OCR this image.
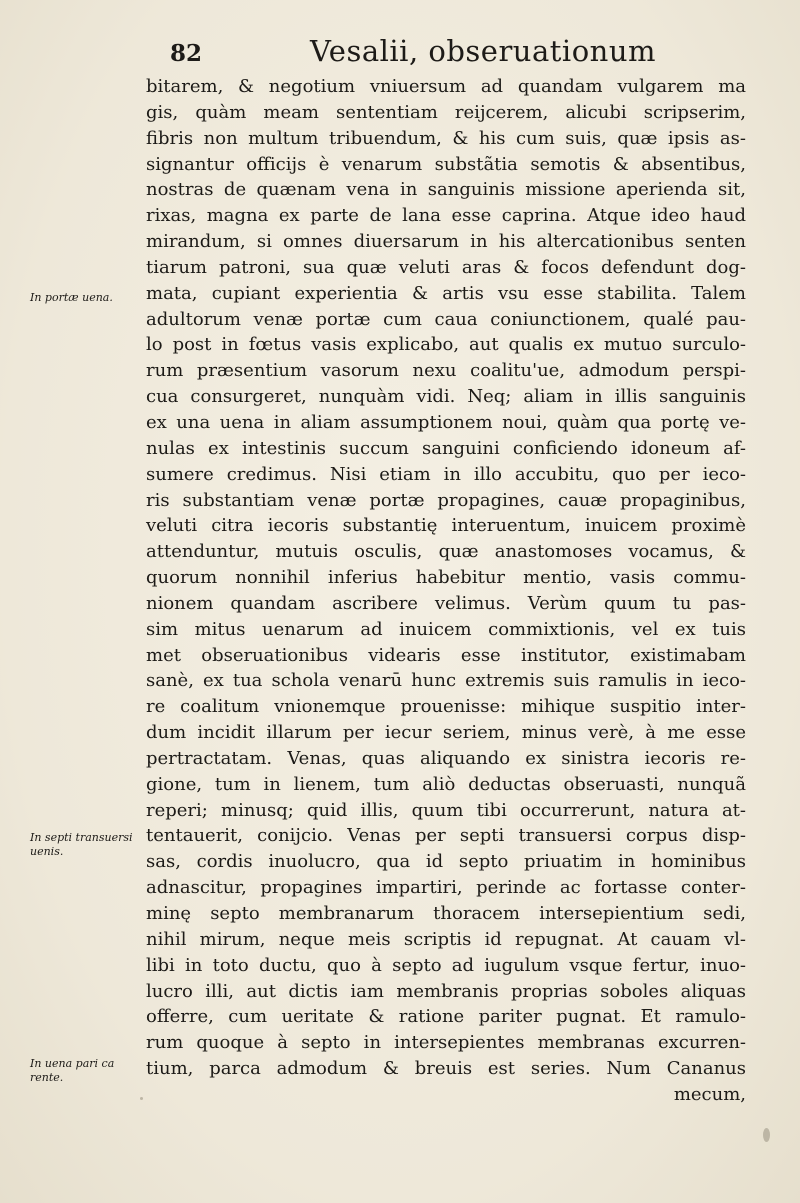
82	Vesalii, obseruationum
bitarem, & negotium vniuersum ad quandam vulgarem ma
gis, quàm meam sententiam reijcerem, alicubi scripserim,
fibris non multum tribuendum, & his cum suis, quæ ipsis as-
signantur officijs è venarum substãtia semotis & absentibus,
nostras de quænam vena in sanguinis missione aperienda sit,
rixas, magna ex parte de lana esse caprina. Atque ideo haud
mirandum, si omnes diuersarum in his altercationibus senten
tiarum patroni, sua quæ veluti aras & focos defendunt dog-
mata, cupiant experientia & artis vsu esse stabilita. Talem
adultorum venæ portæ cum caua coniunctionem, qualé pau-
lo post in fœtus vasis explicabo, aut qualis ex mutuo surculo-
rum præsentium vasorum nexu coalitu'ue, admodum perspi-
cua consurgeret, nunquàm vidi. Neq; aliam in illis sanguinis
ex una uena in aliam assumptionem noui, quàm qua portę ve-
nulas ex intestinis succum sanguini conficiendo idoneum af-
sumere credimus. Nisi etiam in illo accubitu, quo per ieco-
ris substantiam venæ portæ propagines, cauæ propaginibus,
veluti citra iecoris substantię interuentum, inuicem proximè
attenduntur, mutuis osculis, quæ anastomoses vocamus, &
quorum nonnihil inferius habebitur mentio, vasis commu-
nionem quandam ascribere velimus. Verùm quum tu pas-
sim mitus uenarum ad inuicem commixtionis, vel ex tuis
met obseruationibus videaris esse institutor, existimabam
sanè, ex tua schola venarū hunc extremis suis ramulis in ieco-
re coalitum vnionemque prouenisse: mihique suspitio inter-
dum incidit illarum per iecur seriem, minus verè, à me esse
pertractatam. Venas, quas aliquando ex sinistra iecoris re-
gione, tum in lienem, tum aliò deductas obseruasti, nunquã
reperi; minusq; quid illis, quum tibi occurrerunt, natura at-
tentauerit, conijcio. Venas per septi transuersi corpus disp-
sas, cordis inuolucro, qua id septo priuatim in hominibus
adnascitur, propagines impartiri, perinde ac fortasse conter-
minę septo membranarum thoracem intersepientium sedi,
nihil mirum, neque meis scriptis id repugnat. At cauam vl-
libi in toto ductu, quo à septo ad iugulum vsque fertur, inuo-
lucro illi, aut dictis iam membranis proprias soboles aliquas
offerre, cum ueritate & ratione pariter pugnat. Et ramulo-
rum quoque à septo in intersepientes membranas excurren-
tium, parca admodum & breuis est series. Num Cananus
mecum,
In portæ uena.
In septi transuersi uenis.
In uena pari ca rente.
